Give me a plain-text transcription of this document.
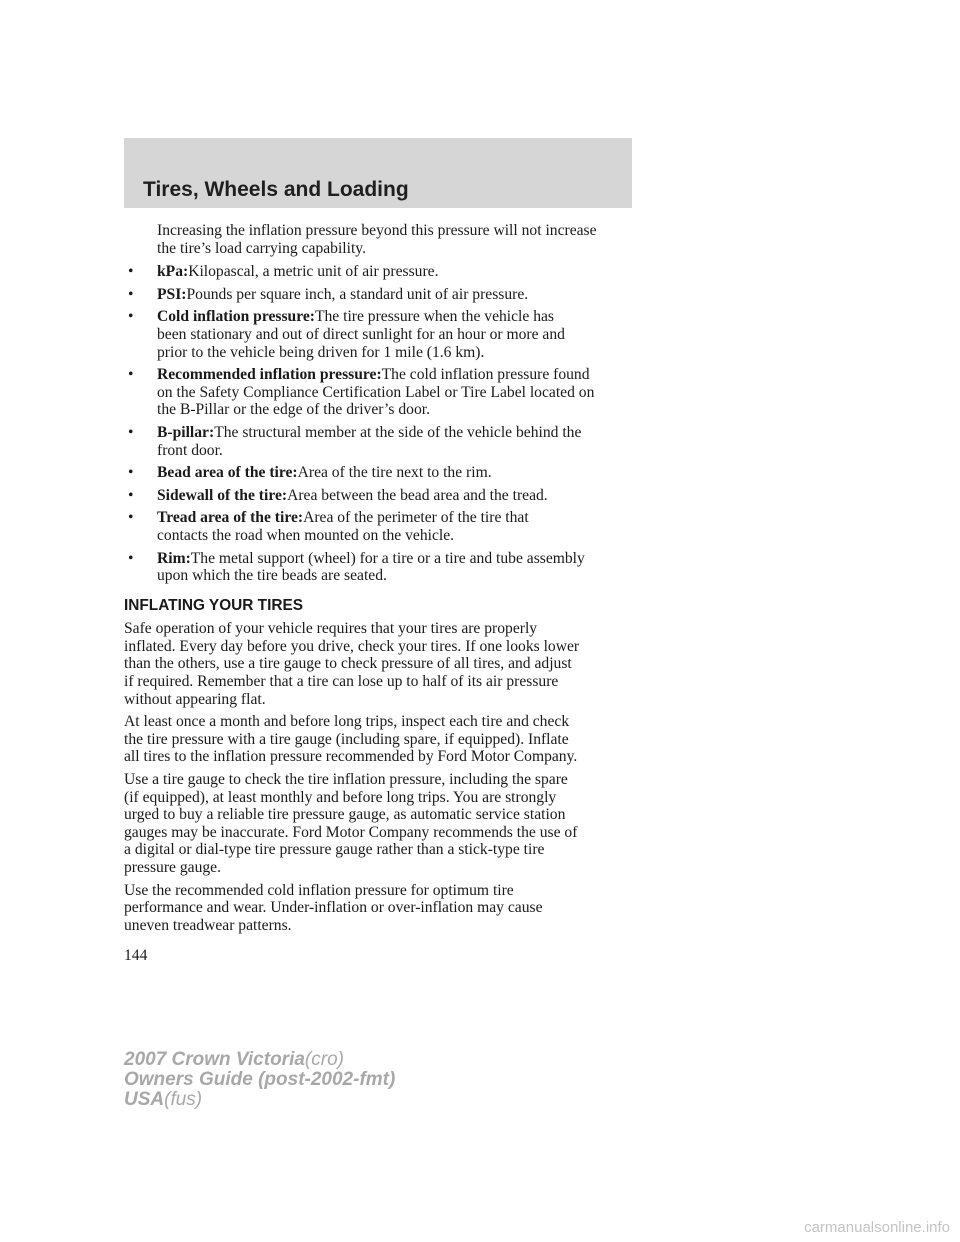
Tires, Wheels and Loading

Increasing the inflation pressure beyond this pressure will not increase
the tire’s load carrying capability.

• kPa:Kilopascal, a metric unit of air pressure.
• PSI:Pounds per square inch, a standard unit of air pressure.
• Cold inflation pressure:The tire pressure when the vehicle has
been stationary and out of direct sunlight for an hour or more and
prior to the vehicle being driven for 1 mile (1.6 km).
• Recommended inflation pressure:The cold inflation pressure found
on the Safety Compliance Certification Label or Tire Label located on
the B-Pillar or the edge of the driver’s door.
• B-pillar:The structural member at the side of the vehicle behind the
front door.
• Bead area of the tire:Area of the tire next to the rim.
• Sidewall of the tire:Area between the bead area and the tread.
• Tread area of the tire:Area of the perimeter of the tire that
contacts the road when mounted on the vehicle.
• Rim:The metal support (wheel) for a tire or a tire and tube assembly
upon which the tire beads are seated.
INFLATING YOUR TIRES

Safe operation of your vehicle requires that your tires are properly
inflated. Every day before you drive, check your tires. If one looks lower
than the others, use a tire gauge to check pressure of all tires, and adjust
if required. Remember that a tire can lose up to half of its air pressure
without appearing flat.

At least once a month and before long trips, inspect each tire and check
the tire pressure with a tire gauge (including spare, if equipped). Inflate
all tires to the inflation pressure recommended by Ford Motor Company.

Use a tire gauge to check the tire inflation pressure, including the spare
(if equipped), at least monthly and before long trips. You are strongly
urged to buy a reliable tire pressure gauge, as automatic service station
gauges may be inaccurate. Ford Motor Company recommends the use of
a digital or dial-type tire pressure gauge rather than a stick-type tire
pressure gauge.

Use the recommended cold inflation pressure for optimum tire
performance and wear. Under-inflation or over-inflation may cause
uneven treadwear patterns.

144
2007 Crown Victoria(cro)
Owners Guide (post-2002-fmt)
USA(fus)
carmanualsonline.info
